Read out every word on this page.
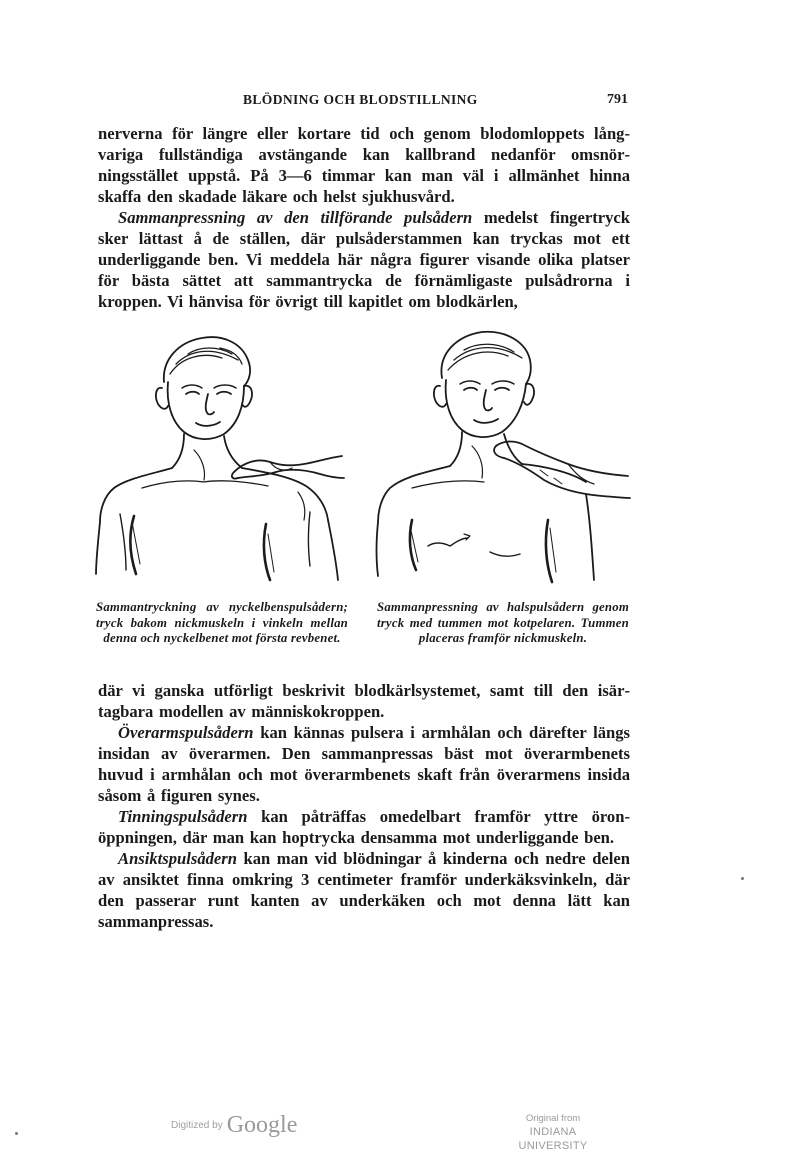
BLÖDNING OCH BLODSTILLNING	791

nerverna för längre eller kortare tid och genom blodomloppets långvariga fullständiga avstängande kan kallbrand nedanför omsnörningsstället uppstå. På 3—6 timmar kan man väl i allmänhet hinna skaffa den skadade läkare och helst sjukhusvård.

Sammanpressning av den tillförande pulsådern medelst fingertryck sker lättast å de ställen, där pulsåderstammen kan tryckas mot ett underliggande ben. Vi meddela här några figurer visande olika platser för bästa sättet att sammantrycka de förnämligaste pulsådrorna i kroppen. Vi hänvisa för övrigt till kapitlet om blodkärlen,

Sammantryckning av nyckelbenspulsådern; tryck bakom nickmuskeln i vinkeln mellan denna och nyckelbenet mot första revbenet.
Sammanpressning av halspulsådern genom tryck med tummen mot kotpelaren. Tummen placeras framför nickmuskeln.

där vi ganska utförligt beskrivit blodkärlsystemet, samt till den isärtagbara modellen av människokroppen.

Överarmspulsådern kan kännas pulsera i armhålan och därefter längs insidan av överarmen. Den sammanpressas bäst mot överarmbenets huvud i armhålan och mot överarmbenets skaft från överarmens insida såsom å figuren synes.

Tinningspulsådern kan påträffas omedelbart framför yttre öronöppningen, där man kan hoptrycka densamma mot underliggande ben.

Ansiktspulsådern kan man vid blödningar å kinderna och nedre delen av ansiktet finna omkring 3 centimeter framför underkäksvinkeln, där den passerar runt kanten av underkäken och mot denna lätt kan sammanpressas.

Digitized by Google	Original from
INDIANA UNIVERSITY
